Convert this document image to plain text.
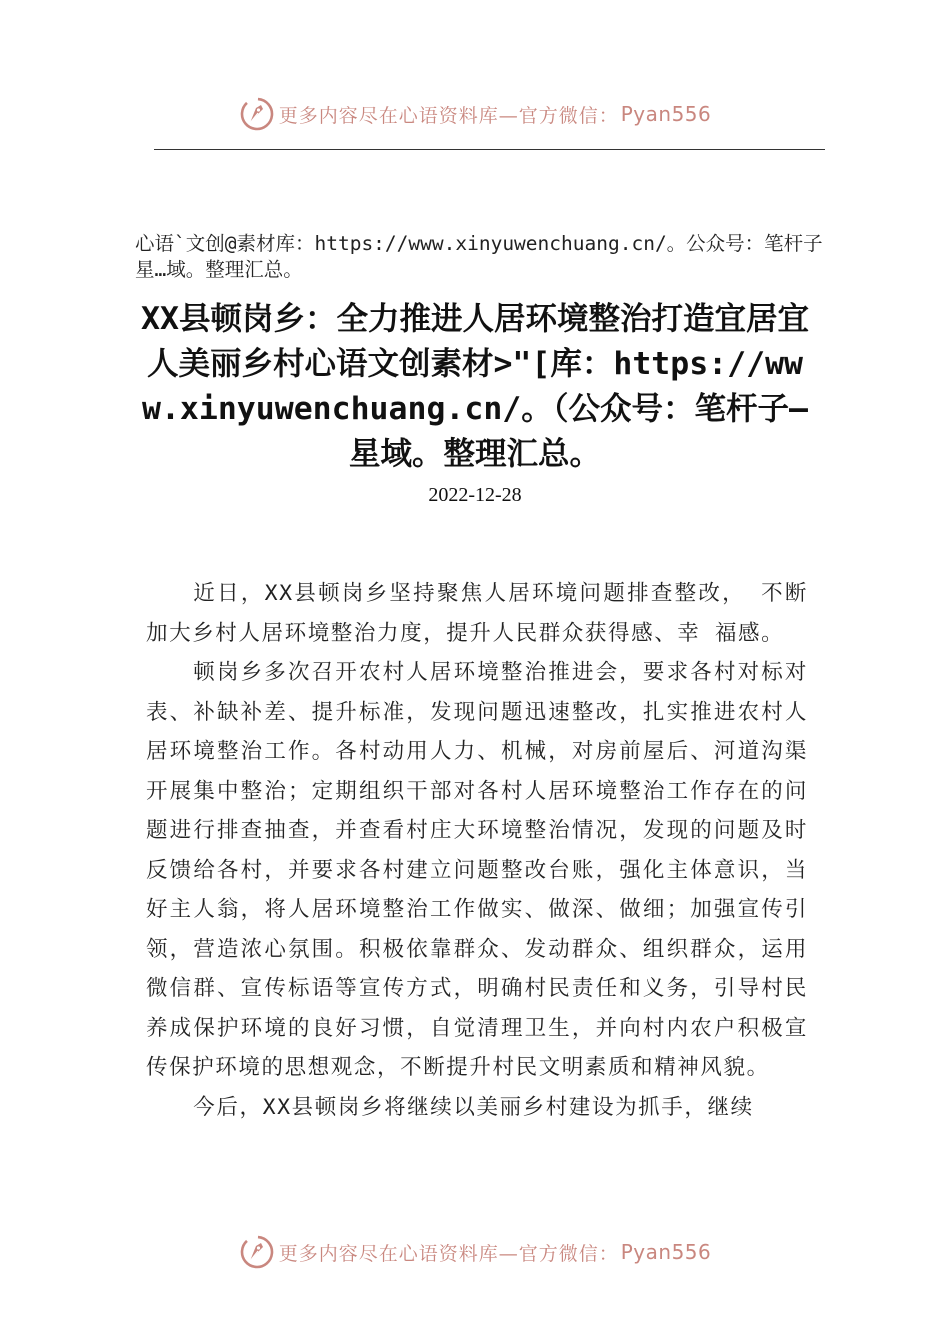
更多内容尽在心语资料库—官方微信： Pyan556
心语`文创@素材库：https://www.xinyuwenchuang.cn/。公众号：笔杆子星…域。整理汇总。
XX县顿岗乡：全力推进人居环境整治打造宜居宜人美丽乡村心语文创素材>"[库：https://www.xinyuwenchuang.cn/。（公众号：笔杆子—星域。整理汇总。
2022-12-28

近日，XX县顿岗乡坚持聚焦人居环境问题排查整改， 不断加大乡村人居环境整治力度，提升人民群众获得感、幸 福感。

顿岗乡多次召开农村人居环境整治推进会，要求各村对标对表、补缺补差、提升标准，发现问题迅速整改，扎实推进农村人居环境整治工作。各村动用人力、机械，对房前屋后、河道沟渠开展集中整治；定期组织干部对各村人居环境整治工作存在的问题进行排查抽查，并查看村庄大环境整治情况，发现的问题及时反馈给各村，并要求各村建立问题整改台账，强化主体意识，当好主人翁，将人居环境整治工作做实、做深、做细；加强宣传引领，营造浓心氛围。积极依靠群众、发动群众、组织群众，运用微信群、宣传标语等宣传方式，明确村民责任和义务，引导村民养成保护环境的良好习惯，自觉清理卫生，并向村内农户积极宣传保护环境的思想观念，不断提升村民文明素质和精神风貌。

今后，XX县顿岗乡将继续以美丽乡村建设为抓手，继续

更多内容尽在心语资料库—官方微信： Pyan556
